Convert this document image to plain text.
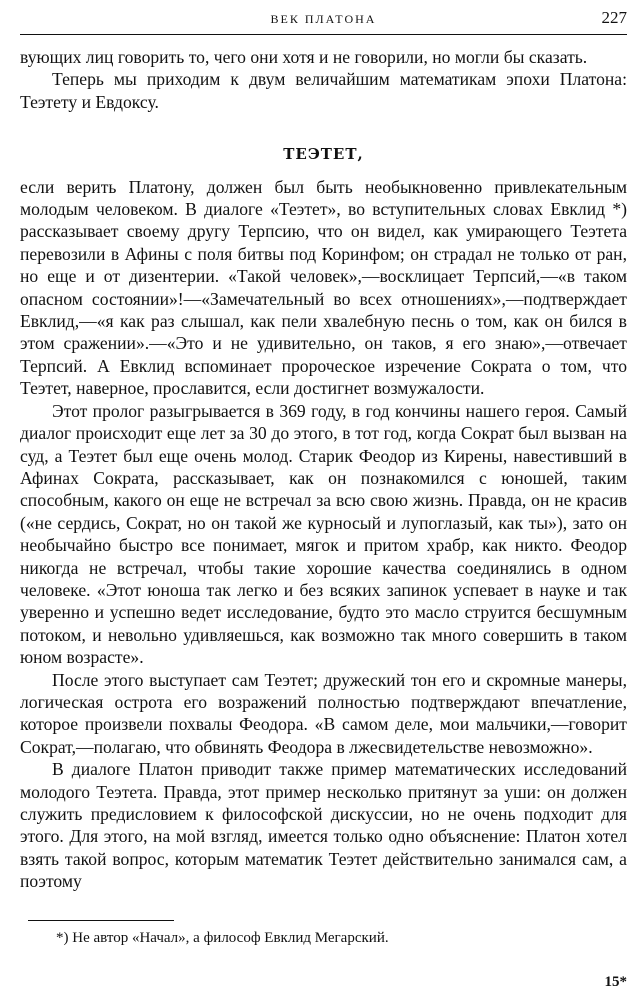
ВЕК ПЛАТОНА	227

вующих лиц говорить то, чего они хотя и не говорили, но могли бы сказать.

Теперь мы приходим к двум величайшим математикам эпохи Платона: Теэтету и Евдоксу.

ТЕЭТЕТ,

если верить Платону, должен был быть необыкновенно привлекательным молодым человеком. В диалоге «Теэтет», во вступительных словах Евклид *) рассказывает своему другу Терпсию, что он видел, как умирающего Теэтета перевозили в Афины с поля битвы под Коринфом; он страдал не только от ран, но еще и от дизентерии. «Такой человек»,—восклицает Терпсий,—«в таком опасном состоянии»!—«Замечательный во всех отношениях»,—подтверждает Евклид,—«я как раз слышал, как пели хвалебную песнь о том, как он бился в этом сражении».—«Это и не удивительно, он таков, я его знаю»,—отвечает Терпсий. А Евклид вспоминает пророческое изречение Сократа о том, что Теэтет, наверное, прославится, если достигнет возмужалости.

Этот пролог разыгрывается в 369 году, в год кончины нашего героя. Самый диалог происходит еще лет за 30 до этого, в тот год, когда Сократ был вызван на суд, а Теэтет был еще очень молод. Старик Феодор из Кирены, навестивший в Афинах Сократа, рассказывает, как он познакомился с юношей, таким способным, какого он еще не встречал за всю свою жизнь. Правда, он не красив («не сердись, Сократ, но он такой же курносый и лупоглазый, как ты»), зато он необычайно быстро все понимает, мягок и притом храбр, как никто. Феодор никогда не встречал, чтобы такие хорошие качества соединялись в одном человеке. «Этот юноша так легко и без всяких запинок успевает в науке и так уверенно и успешно ведет исследование, будто это масло струится бесшумным потоком, и невольно удивляешься, как возможно так много совершить в таком юном возрасте».

После этого выступает сам Теэтет; дружеский тон его и скромные манеры, логическая острота его возражений полностью подтверждают впечатление, которое произвели похвалы Феодора. «В самом деле, мои мальчики,—говорит Сократ,—полагаю, что обвинять Феодора в лжесвидетельстве невозможно».

В диалоге Платон приводит также пример математических исследований молодого Теэтета. Правда, этот пример несколько притянут за уши: он должен служить предисловием к философской дискуссии, но не очень подходит для этого. Для этого, на мой взгляд, имеется только одно объяснение: Платон хотел взять такой вопрос, которым математик Теэтет действительно занимался сам, а поэтому

*) Не автор «Начал», а философ Евклид Мегарский.
15*
